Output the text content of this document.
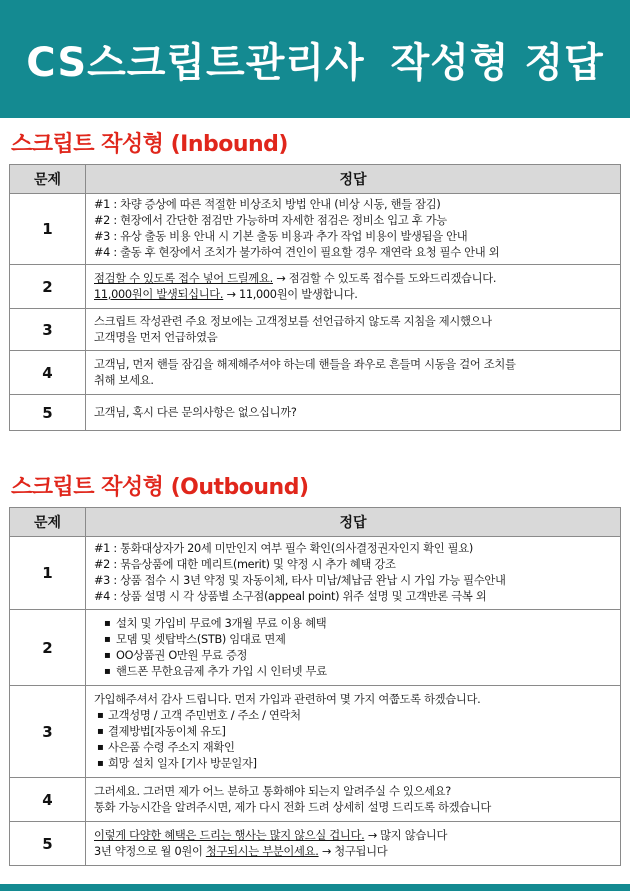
CS스크립트관리사 작성형 정답
스크립트 작성형 (Inbound)
문제	정답
1	#1 : 차량 증상에 따른 적절한 비상조치 방법 안내 (비상 시동, 핸들 잠김)
#2 : 현장에서 간단한 점검만 가능하며 자세한 점검은 정비소 입고 후 가능
#3 : 유상 출동 비용 안내 시 기본 출동 비용과 추가 작업 비용이 발생됨을 안내
#4 : 출동 후 현장에서 조치가 불가하여 견인이 필요할 경우 재연락 요청 필수 안내 외

2	점검할 수 있도록 접수 넣어 드릴께요. → 점검할 수 있도록 접수를 도와드리겠습니다.
11,000원이 발생되십니다. → 11,000원이 발생합니다.

3	스크립트 작성관련 주요 정보에는 고객정보를 선언급하지 않도록 지침을 제시했으나
고객명을 먼저 언급하였음

4	고객님, 먼저 핸들 잠김을 해제해주셔야 하는데 핸들을 좌우로 흔들며 시동을 걸어 조치를
취해 보세요.

5	고객님, 혹시 다른 문의사항은 없으십니까?
스크립트 작성형 (Outbound)
문제	정답
1	#1 : 통화대상자가 20세 미만인지 여부 필수 확인(의사결정권자인지 확인 필요)
#2 : 묶음상품에 대한 메리트(merit) 및 약정 시 추가 혜택 강조
#3 : 상품 접수 시 3년 약정 및 자동이체, 타사 미납/체납금 완납 시 가입 가능 필수안내
#4 : 상품 설명 시 각 상품별 소구점(appeal point) 위주 설명 및 고객반론 극복 외

2	▪ 설치 및 가입비 무료에 3개월 무료 이용 혜택
▪ 모뎀 및 셋탑박스(STB) 임대료 면제
▪ OO상품권 O만원 무료 증정
▪ 핸드폰 무한요금제 추가 가입 시 인터넷 무료

3	가입해주셔서 감사 드립니다. 먼저 가입과 관련하여 몇 가지 여쭙도록 하겠습니다.
▪ 고객성명 / 고객 주민번호 / 주소 / 연락처
▪ 결제방법[자동이체 유도]
▪ 사은품 수령 주소지 재확인
▪ 희망 설치 일자 [기사 방문일자]

4	그러세요. 그러면 제가 어느 분하고 통화해야 되는지 알려주실 수 있으세요?
통화 가능시간을 알려주시면, 제가 다시 전화 드려 상세히 설명 드리도록 하겠습니다

5	이렇게 다양한 혜택은 드리는 행사는 많지 않으실 겁니다. → 많지 않습니다
3년 약정으로 월 0원이 청구되시는 부분이세요. → 청구됩니다
